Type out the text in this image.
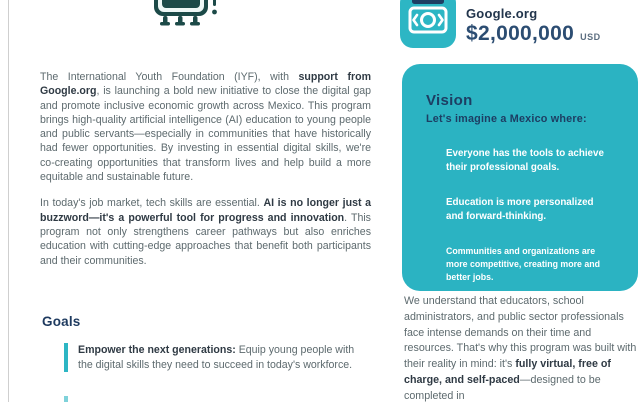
Google.org
$2,000,000 USD

The International Youth Foundation (IYF), with support from Google.org, is launching a bold new initiative to close the digital gap and promote inclusive economic growth across Mexico. This program brings high-quality artificial intelligence (AI) education to young people and public servants—especially in communities that have historically had fewer opportunities. By investing in essential digital skills, we're co-creating opportunities that transform lives and help build a more equitable and sustainable future.

In today's job market, tech skills are essential. AI is no longer just a buzzword—it's a powerful tool for progress and innovation. This program not only strengthens career pathways but also enriches education with cutting-edge approaches that benefit both participants and their communities.

Goals
Empower the next generations: Equip young people with the digital skills they need to succeed in today's workforce.
Vision
Let's imagine a Mexico where:
Everyone has the tools to achieve their professional goals.
Education is more personalized and forward-thinking.
Communities and organizations are more competitive, creating more and better jobs.

We understand that educators, school administrators, and public sector professionals face intense demands on their time and resources. That's why this program was built with their reality in mind: it's fully virtual, free of charge, and self-paced—designed to be completed in
